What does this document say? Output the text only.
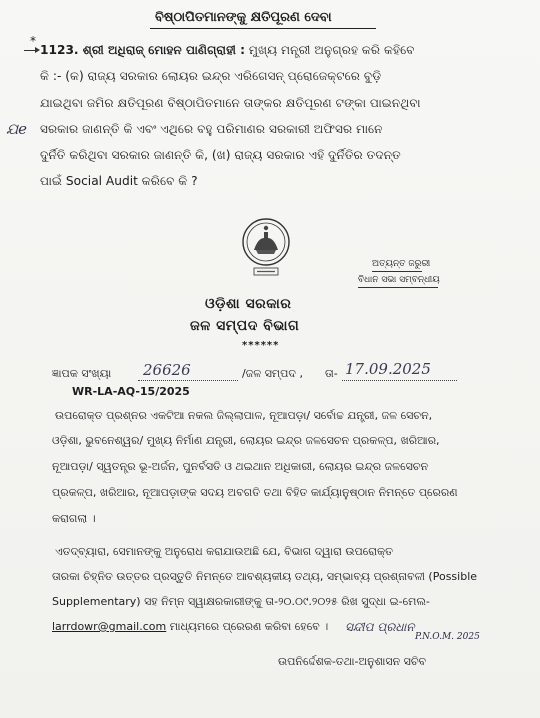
ବିଷ୍ଠାପିତମାନଙ୍କୁ କ୍ଷତିପୂରଣ ଦେବା
*
1123. ଶ୍ରୀ ଅଧିରାଜ୍ ମୋହନ ପାଣିଗ୍ରାହୀ : ମୁଖ୍ୟ ମନ୍ତ୍ରୀ ଅନୁଗ୍ରହ କରି କହିବେ
କି :- (କ) ରାଜ୍ୟ ସରକାର ଲୋୟର ଇନ୍ଦ୍ର ଏରିଗେସନ୍ ପ୍ରୋଜେକ୍ଟରେ ବୁଡ଼ି
ଯାଇଥିବା ଜମିର କ୍ଷତିପୂରଣ ବିଷ୍ଠାପିତମାନେ ତାଙ୍କର କ୍ଷତିପୂରଣ ଟଙ୍କା ପାଇନଥିବା
ସରକାର ଜାଣନ୍ତି କି ଏବଂ ଏଥିରେ ବହୁ ପରିମାଣର ସରକାରୀ ଅଫିସର ମାନେ
ଦୁର୍ନିତି କରିଥିବା ସରକାର ଜାଣନ୍ତି କି, (ଖ) ରାଜ୍ୟ ସରକାର ଏହି ଦୁର୍ନିତିର ତଦନ୍ତ
ପାଇଁ Social Audit କରିବେ କି ?
ଯe
ଅତ୍ୟନ୍ତ ଜରୁରୀ
ବିଧାନ ସଭା ସମ୍ବନ୍ଧୀୟ
ଓଡ଼ିଶା ସରକାର
ଜଳ ସମ୍ପଦ ବିଭାଗ
******
ଜ୍ଞାପକ ସଂଖ୍ୟା 26626	/ଜଳ ସମ୍ପଦ , ତା- 17.09.2025
WR-LA-AQ-15/2025
ଉପରୋକ୍ତ ପ୍ରଶ୍ନର ଏକଟିଆ ନକଲ ଜିଲ୍ଲାପାଳ, ନୂଆପଡ଼ା/ ସର୍ବୋଚ୍ଚ ଯନ୍ତ୍ରୀ, ଜଳ ସେଚନ,
ଓଡ଼ିଶା, ଭୁବନେଶ୍ୱର/ ମୁଖ୍ୟ ନିର୍ମାଣ ଯନ୍ତ୍ରୀ, ଲୋୟର ଇନ୍ଦ୍ର ଜଳସେଚନ ପ୍ରକଳ୍ପ, ଖରିଆର,
ନୂଆପଡ଼ା/ ସ୍ୱତନ୍ତ୍ର ଭୂ-ଅର୍ଜନ, ପୁନର୍ବସତି ଓ ଥଇଥାନ ଅଧିକାରୀ, ଲୋୟର ଇନ୍ଦ୍ର ଜଳସେଚନ
ପ୍ରକଳ୍ପ, ଖରିଆର, ନୂଆପଡ଼ାଙ୍କ ସଦୟ ଅବଗତି ତଥା ବିହିତ କାର୍ଯ୍ୟାନୁଷ୍ଠାନ ନିମନ୍ତେ ପ୍ରେରଣ
କରାଗଲା ।
ଏତଦ୍‌ବ୍ୟାରା, ସେମାନଙ୍କୁ ଅନୁରୋଧ କରାଯାଉଅଛି ଯେ, ବିଭାଗ ଦ୍ୱାରା ଉପରୋକ୍ତ
ତାରକା ଚିହ୍ନିତ ଉତ୍ତର ପ୍ରସ୍ତୁତି ନିମନ୍ତେ ଆବଶ୍ୟକୀୟ ତଥ୍ୟ, ସମ୍ଭାବ୍ୟ ପ୍ରଶ୍ନାବଳୀ (Possible
Supplementary) ସହ ନିମ୍ନ ସ୍ୱାକ୍ଷରକାରୀଙ୍କୁ ତା-୨୦.୦୯.୨୦୨୫ ରିଖ ସୁଦ୍ଧା ଇ-ମେଲ-
larrdowr@gmail.com ମାଧ୍ୟମରେ ପ୍ରେରଣ କରିବା ହେବେ । ସନ୍ଦୀପ ପ୍ରଧାନ
P.N.O.M. 2025
ଉପନିର୍ଦ୍ଦେଶକ-ତଥା-ଅନୁଶାସନ ସଚିବ
